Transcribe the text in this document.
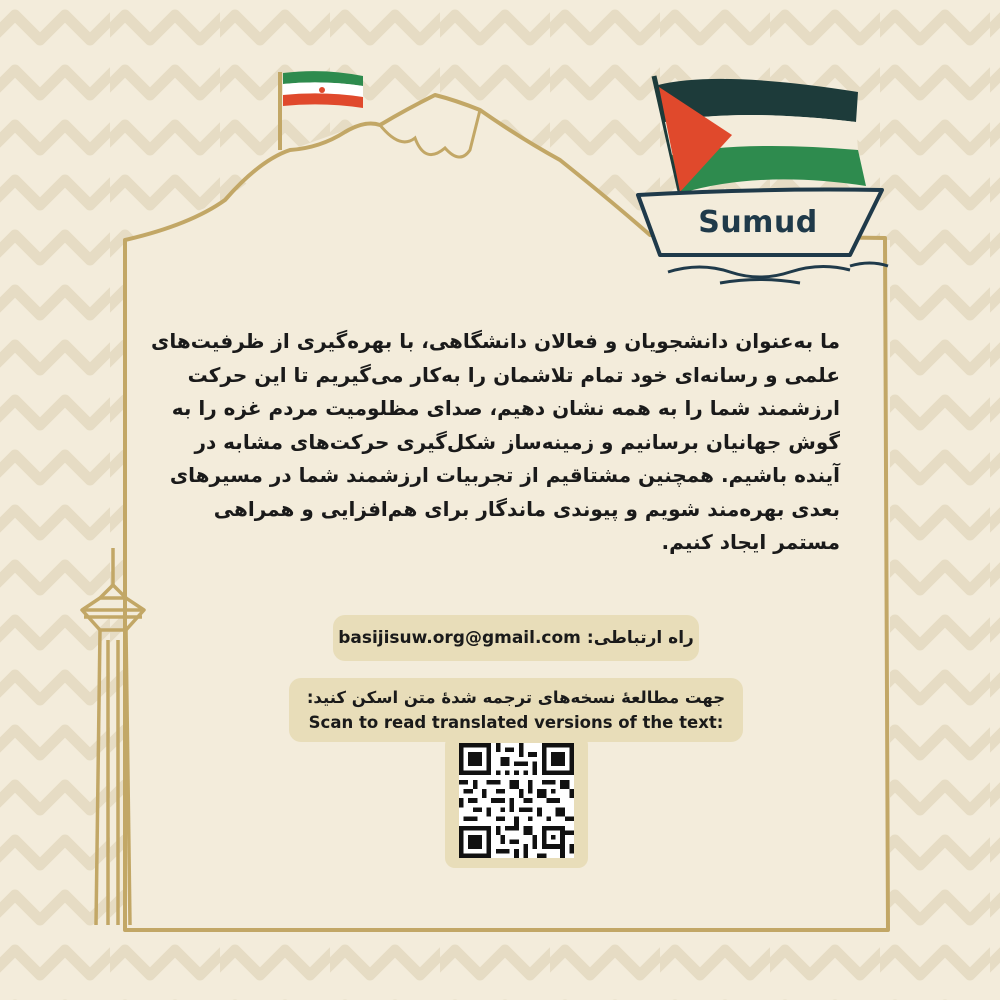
Sumud
ما به‌عنوان دانشجویان و فعالان دانشگاهی، با بهره‌گیری از ظرفیت‌های علمی و رسانه‌ای خود تمام تلاشمان را به‌کار می‌گیریم تا این حرکت ارزشمند شما را به همه نشان دهیم، صدای مظلومیت مردم غزه را به گوش جهانیان برسانیم و زمینه‌ساز شکل‌گیری حرکت‌های مشابه در آینده باشیم. همچنین مشتاقیم از تجربیات ارزشمند شما در مسیرهای بعدی بهره‌مند شویم و پیوندی ماندگار برای هم‌افزایی و همراهی مستمر ایجاد کنیم.
راه ارتباطی:
basijisuw.org@gmail.com
جهت مطالعهٔ نسخه‌های ترجمه شدهٔ متن اسکن کنید:
Scan to read translated versions of the text:
